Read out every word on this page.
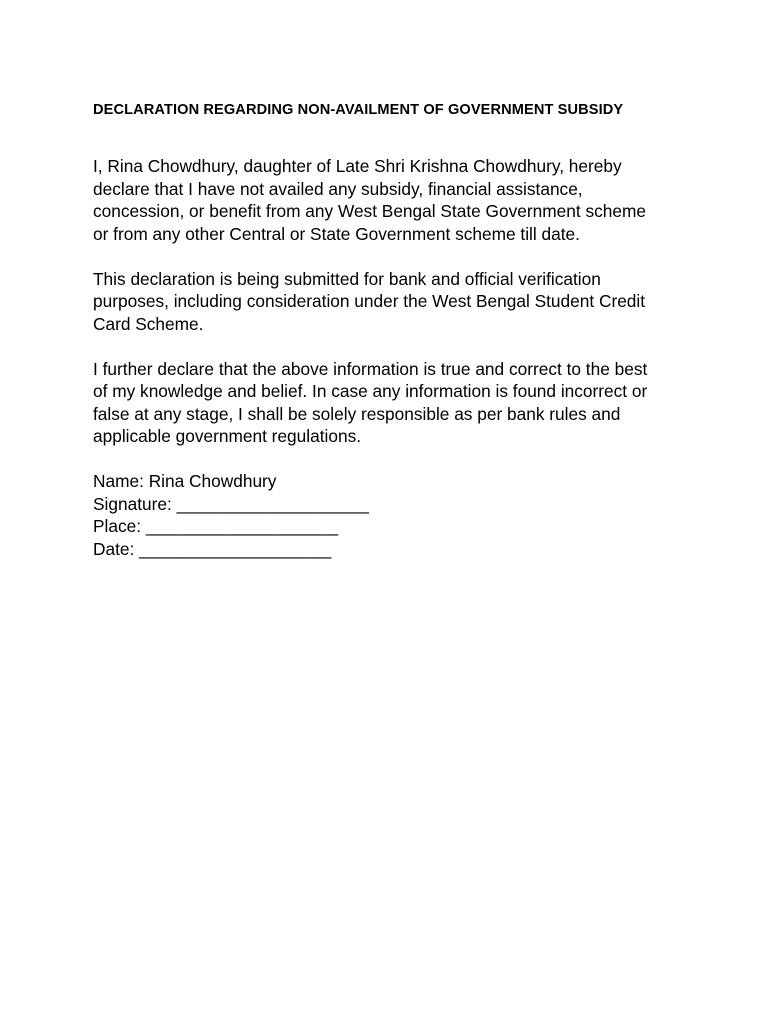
DECLARATION REGARDING NON-AVAILMENT OF GOVERNMENT SUBSIDY
I, Rina Chowdhury, daughter of Late Shri Krishna Chowdhury, hereby
declare that I have not availed any subsidy, financial assistance,
concession, or benefit from any West Bengal State Government scheme
or from any other Central or State Government scheme till date.
This declaration is being submitted for bank and official verification
purposes, including consideration under the West Bengal Student Credit
Card Scheme.
I further declare that the above information is true and correct to the best
of my knowledge and belief. In case any information is found incorrect or
false at any stage, I shall be solely responsible as per bank rules and
applicable government regulations.
Name: Rina Chowdhury
Signature: ____________________
Place: ____________________
Date: ____________________
